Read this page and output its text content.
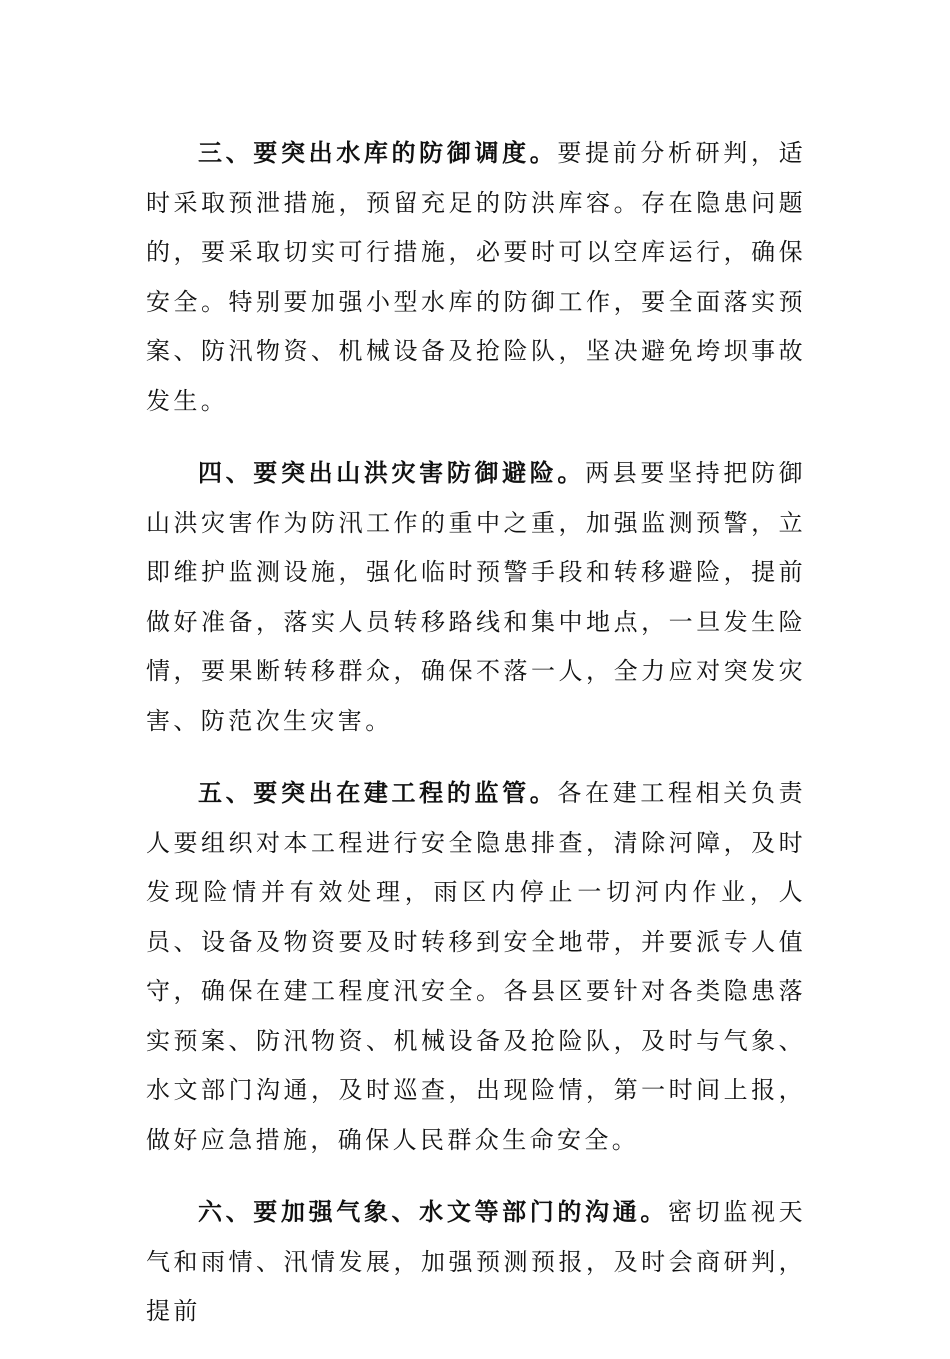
三、要突出水库的防御调度。要提前分析研判，适时采取预泄措施，预留充足的防洪库容。存在隐患问题的，要采取切实可行措施，必要时可以空库运行，确保安全。特别要加强小型水库的防御工作，要全面落实预案、防汛物资、机械设备及抢险队，坚决避免垮坝事故发生。

四、要突出山洪灾害防御避险。两县要坚持把防御山洪灾害作为防汛工作的重中之重，加强监测预警，立即维护监测设施，强化临时预警手段和转移避险，提前做好准备，落实人员转移路线和集中地点，一旦发生险情，要果断转移群众，确保不落一人，全力应对突发灾害、防范次生灾害。

五、要突出在建工程的监管。各在建工程相关负责人要组织对本工程进行安全隐患排查，清除河障，及时发现险情并有效处理，雨区内停止一切河内作业，人员、设备及物资要及时转移到安全地带，并要派专人值守，确保在建工程度汛安全。各县区要针对各类隐患落实预案、防汛物资、机械设备及抢险队，及时与气象、水文部门沟通，及时巡查，出现险情，第一时间上报，做好应急措施，确保人民群众生命安全。

六、要加强气象、水文等部门的沟通。密切监视天气和雨情、汛情发展，加强预测预报，及时会商研判，提前
